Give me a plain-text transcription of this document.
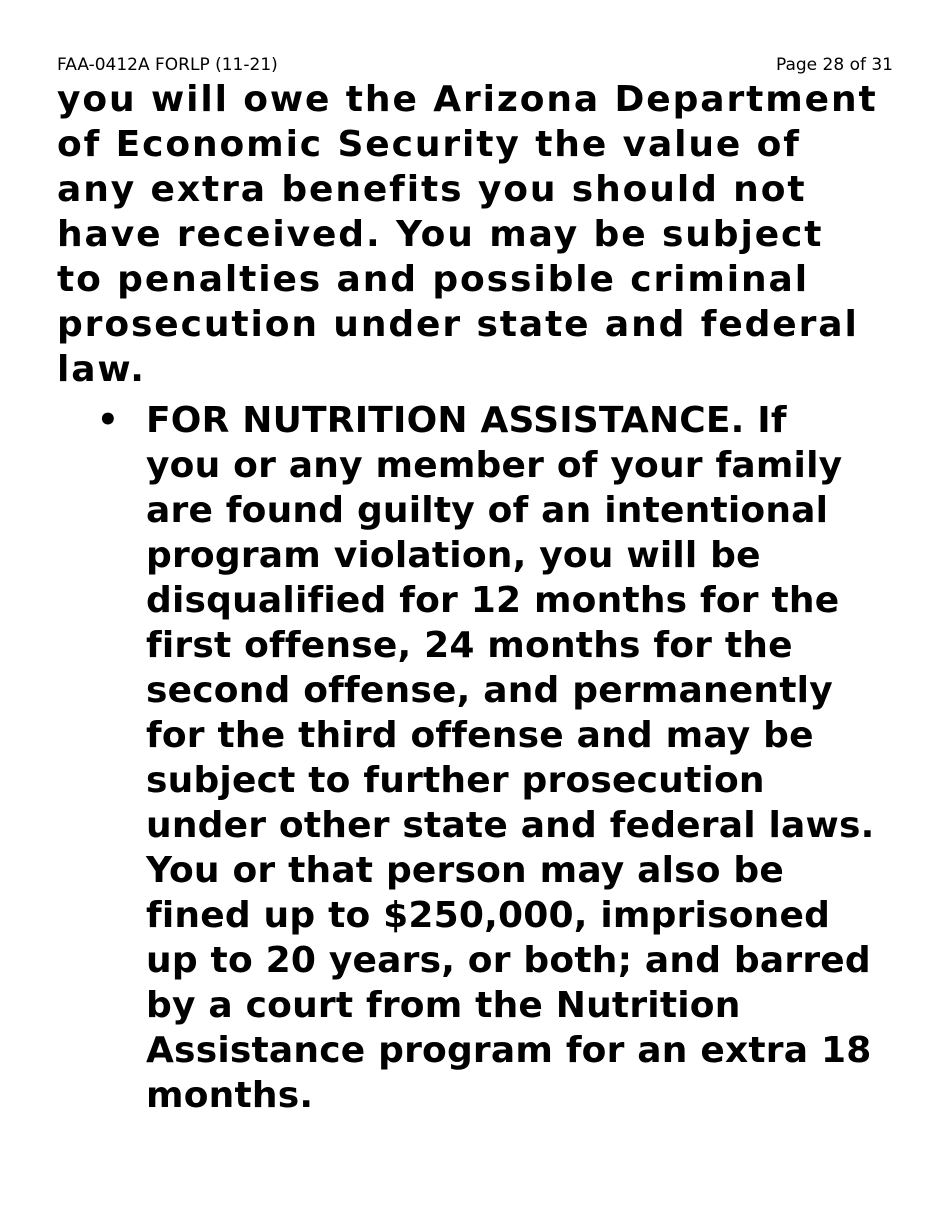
FAA-0412A FORLP (11-21)	Page 28 of 31

you will owe the Arizona Department
of Economic Security the value of
any extra benefits you should not
have received. You may be subject
to penalties and possible criminal
prosecution under state and federal
law.

• FOR NUTRITION ASSISTANCE. If
you or any member of your family
are found guilty of an intentional
program violation, you will be
disqualified for 12 months for the
first offense, 24 months for the
second offense, and permanently
for the third offense and may be
subject to further prosecution
under other state and federal laws.
You or that person may also be
fined up to $250,000, imprisoned
up to 20 years, or both; and barred
by a court from the Nutrition
Assistance program for an extra 18
months.
